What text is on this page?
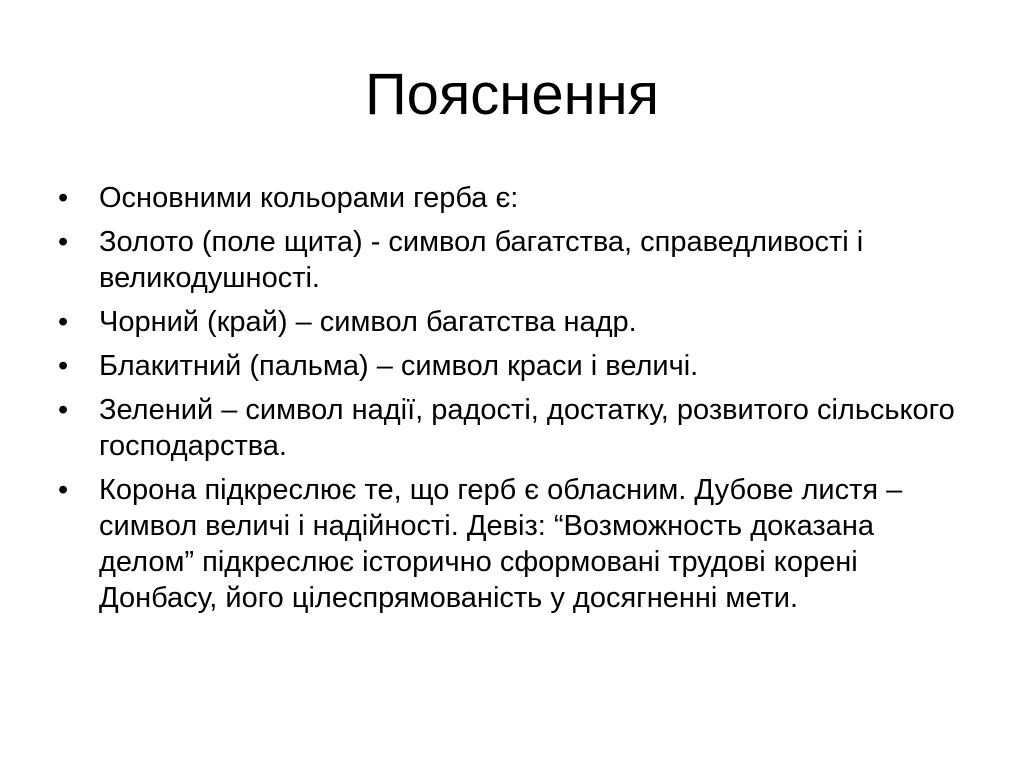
Пояснення
•	Основними кольорами герба є:
•	Золото (поле щита) - символ багатства, справедливості і великодушності.
•	Чорний (край) – символ багатства надр.
•	Блакитний (пальма) – символ краси і величі.
•	Зелений – символ надії, радості, достатку, розвитого сільського господарства.
•	Корона підкреслює те, що герб є обласним. Дубове листя – символ величі і надійності. Девіз: “Возможность доказана делом” підкреслює історично сформовані трудові корені Донбасу, його цілеспрямованість у досягненні мети.
